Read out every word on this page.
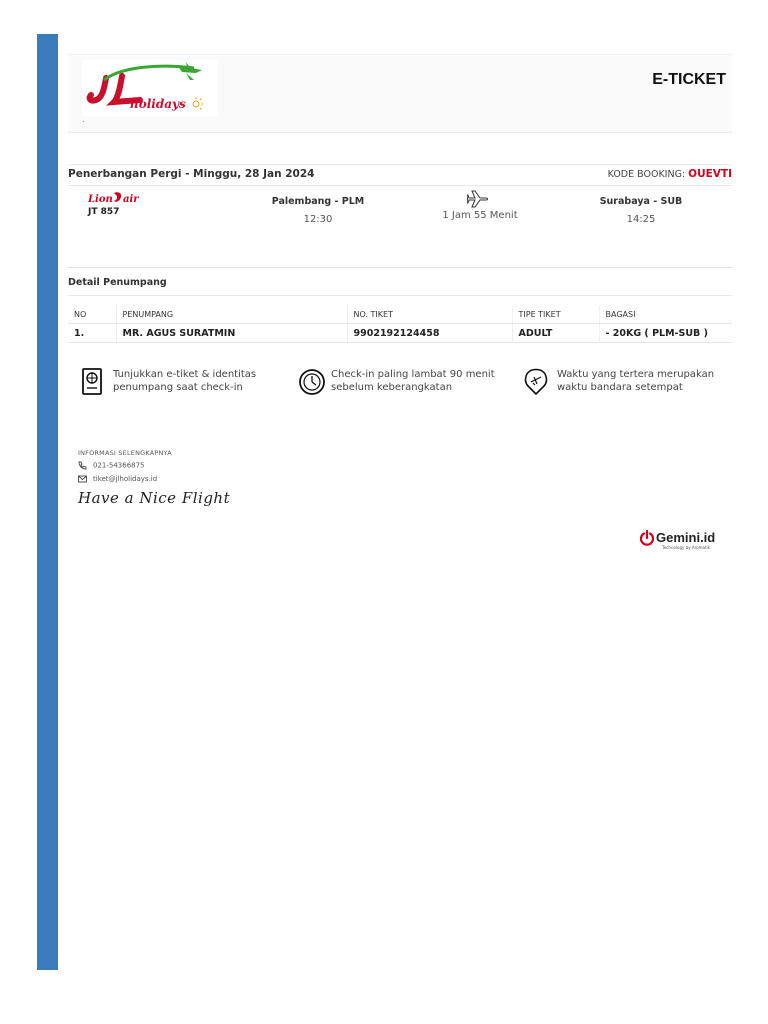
holidays
.
E-TICKET
Penerbangan Pergi - Minggu, 28 Jan 2024	KODE BOOKING: OUEVTI
Lion air
JT 857
Palembang - PLM
12:30	1 Jam 55 Menit
Surabaya - SUB
14:25
Detail Penumpang
NO	PENUMPANG	NO. TIKET	TIPE TIKET	BAGASI
1.	MR. AGUS SURATMIN	9902192124458	ADULT	- 20KG ( PLM-SUB )
Tunjukkan e-tiket & identitas
penumpang saat check-in
Check-in paling lambat 90 menit
sebelum keberangkatan
Waktu yang tertera merupakan
waktu bandara setempat
INFORMASI SELENGKAPNYA
021-54366875
tiket@jlholidays.id
Have a Nice Flight
Gemini.id
Technology by Aromatik
